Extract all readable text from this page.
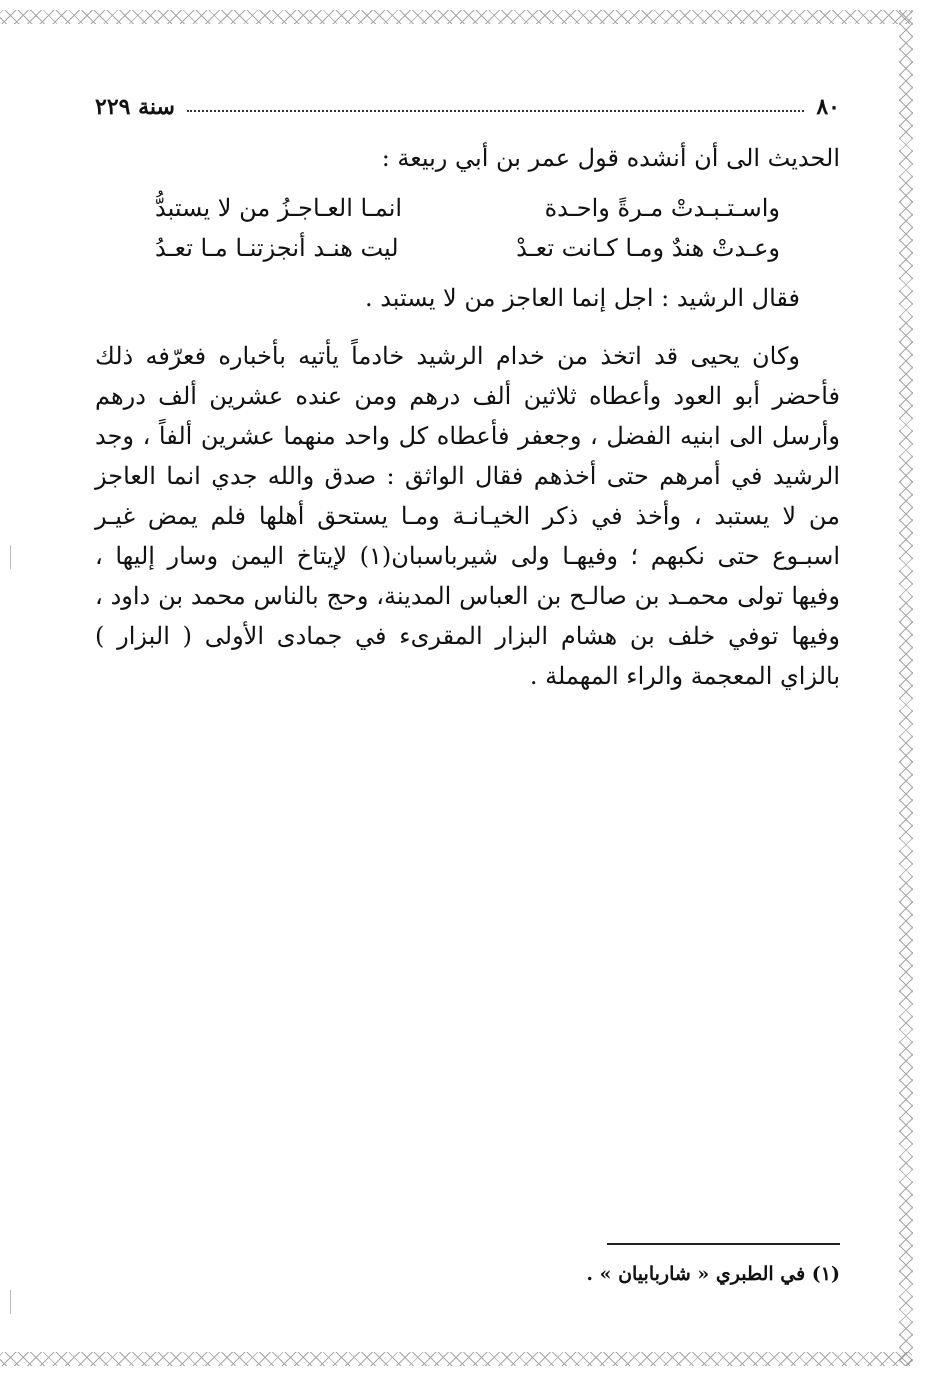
٨٠
سنة ٢٢٩

الحديث الى أن أنشده قول عمر بن أبي ربيعة :

واسـتـبـدتْ مـرةً واحـدة
انمـا العـاجـزُ من لا يستبدُّ
وعـدتْ هندٌ ومـا كـانت تعـدْ
ليت هنـد أنجزتنـا مـا تعـدُ

فقال الرشيد : اجل إنما العاجز من لا يستبد .

وكان يحيى قد اتخذ من خدام الرشيد خادماً يأتيه بأخباره فعرّفه ذلك فأحضر أبو العود وأعطاه ثلاثين ألف درهم ومن عنده عشرين ألف درهم وأرسل الى ابنيه الفضل ، وجعفر فأعطاه كل واحد منهما عشرين ألفاً ، وجد الرشيد في أمرهم حتى أخذهم فقال الواثق : صدق والله جدي انما العاجز من لا يستبد ، وأخذ في ذكر الخيـانـة ومـا يستحق أهلها فلم يمض غيـر اسبـوع حتى نكبهم ؛ وفيهـا ولى شيرباسبان(١) لإيتاخ اليمن وسار إليها ، وفيها تولى محمـد بن صالـح بن العباس المدينة، وحج بالناس محمد بن داود ، وفيها توفي خلف بن هشام البزار المقرىء في جمادى الأولى ( البزار ) بالزاي المعجمة والراء المهملة .

(١) في الطبري « شاربابيان » .
